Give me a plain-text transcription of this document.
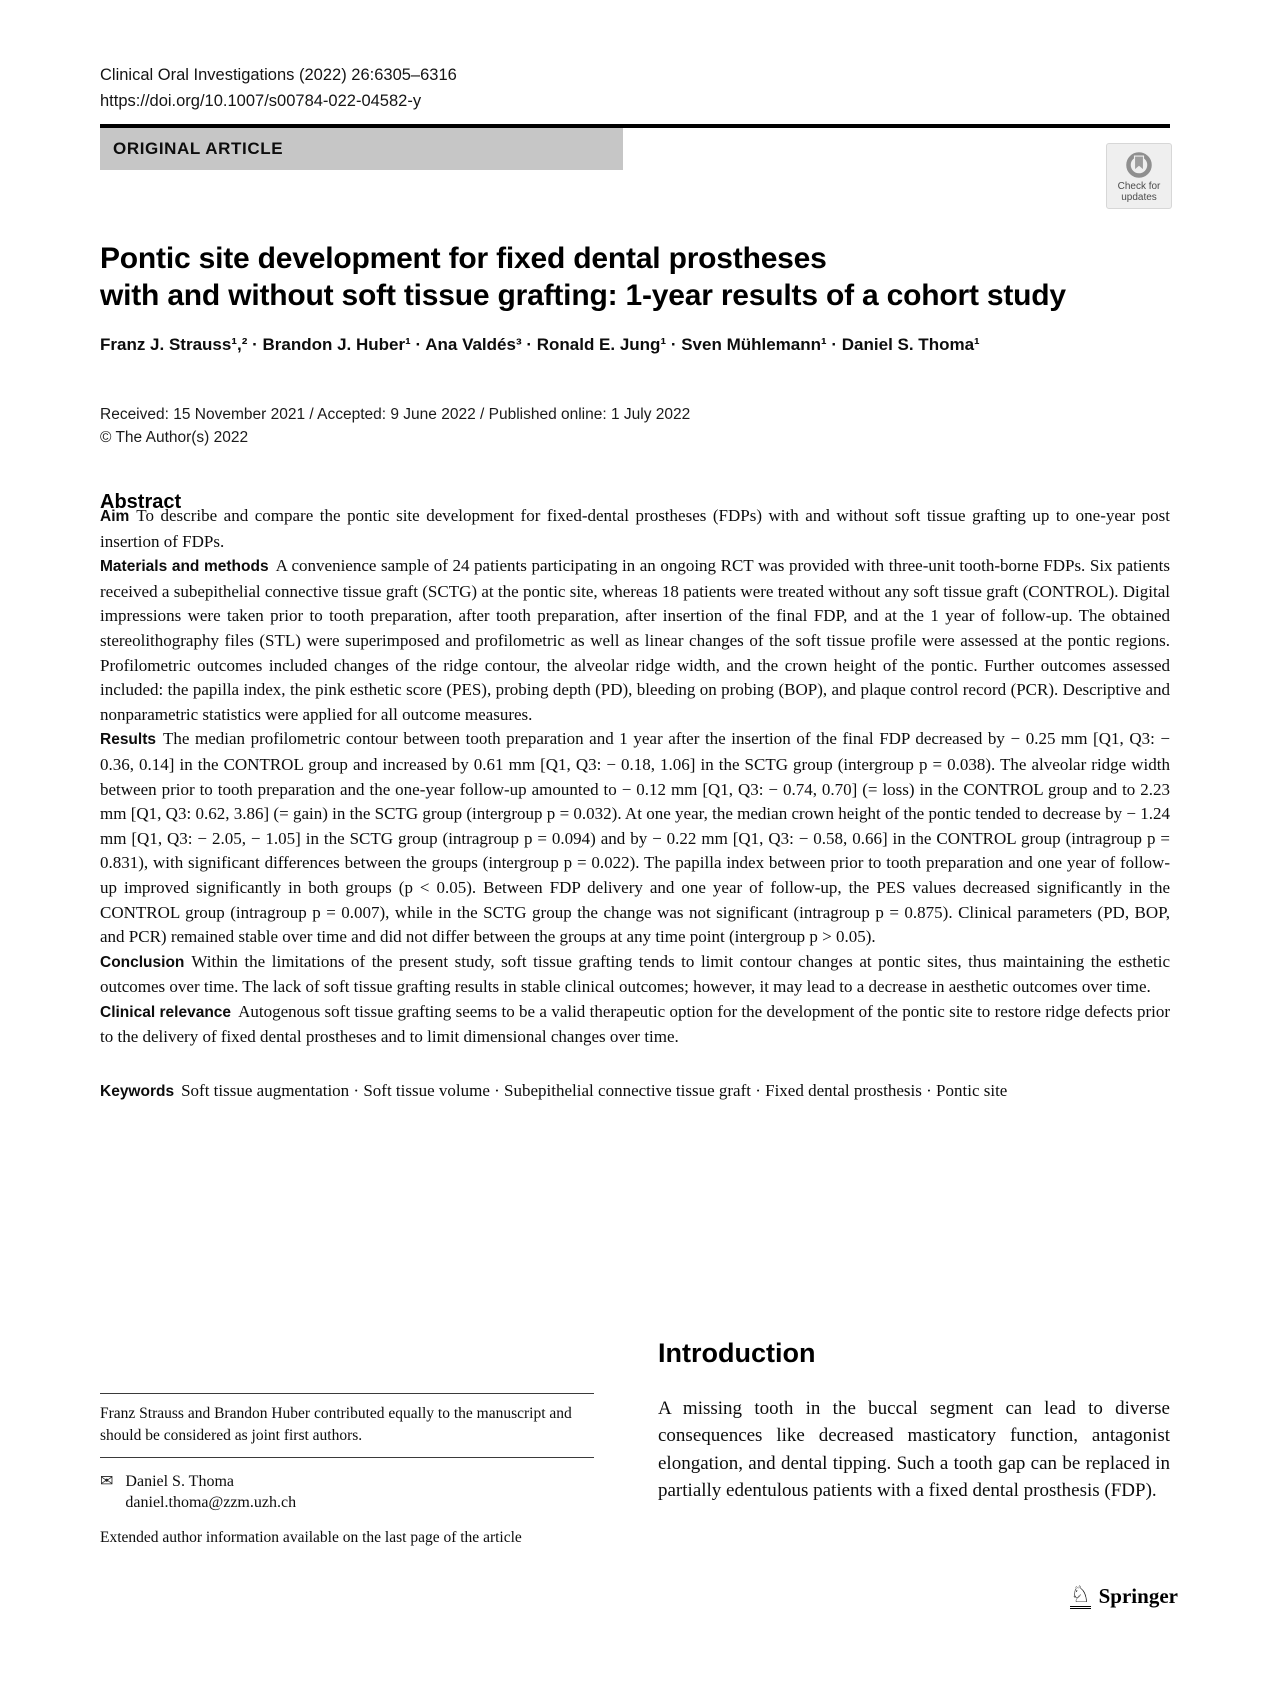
Clinical Oral Investigations (2022) 26:6305–6316
https://doi.org/10.1007/s00784-022-04582-y
ORIGINAL ARTICLE
Check for
updates
Pontic site development for fixed dental prostheses
with and without soft tissue grafting: 1-year results of a cohort study
Franz J. Strauss¹,² · Brandon J. Huber¹ · Ana Valdés³ · Ronald E. Jung¹ · Sven Mühlemann¹ · Daniel S. Thoma¹
Received: 15 November 2021 / Accepted: 9 June 2022 / Published online: 1 July 2022
© The Author(s) 2022
Abstract

Aim To describe and compare the pontic site development for fixed-dental prostheses (FDPs) with and without soft tissue grafting up to one-year post insertion of FDPs.

Materials and methods A convenience sample of 24 patients participating in an ongoing RCT was provided with three-unit tooth-borne FDPs. Six patients received a subepithelial connective tissue graft (SCTG) at the pontic site, whereas 18 patients were treated without any soft tissue graft (CONTROL). Digital impressions were taken prior to tooth preparation, after tooth preparation, after insertion of the final FDP, and at the 1 year of follow-up. The obtained stereolithography files (STL) were superimposed and profilometric as well as linear changes of the soft tissue profile were assessed at the pontic regions. Profilometric outcomes included changes of the ridge contour, the alveolar ridge width, and the crown height of the pontic. Further outcomes assessed included: the papilla index, the pink esthetic score (PES), probing depth (PD), bleeding on probing (BOP), and plaque control record (PCR). Descriptive and nonparametric statistics were applied for all outcome measures.

Results The median profilometric contour between tooth preparation and 1 year after the insertion of the final FDP decreased by − 0.25 mm [Q1, Q3: − 0.36, 0.14] in the CONTROL group and increased by 0.61 mm [Q1, Q3: − 0.18, 1.06] in the SCTG group (intergroup p = 0.038). The alveolar ridge width between prior to tooth preparation and the one-year follow-up amounted to − 0.12 mm [Q1, Q3: − 0.74, 0.70] (= loss) in the CONTROL group and to 2.23 mm [Q1, Q3: 0.62, 3.86] (= gain) in the SCTG group (intergroup p = 0.032). At one year, the median crown height of the pontic tended to decrease by − 1.24 mm [Q1, Q3: − 2.05, − 1.05] in the SCTG group (intragroup p = 0.094) and by − 0.22 mm [Q1, Q3: − 0.58, 0.66] in the CONTROL group (intragroup p = 0.831), with significant differences between the groups (intergroup p = 0.022). The papilla index between prior to tooth preparation and one year of follow-up improved significantly in both groups (p < 0.05). Between FDP delivery and one year of follow-up, the PES values decreased significantly in the CONTROL group (intragroup p = 0.007), while in the SCTG group the change was not significant (intragroup p = 0.875). Clinical parameters (PD, BOP, and PCR) remained stable over time and did not differ between the groups at any time point (intergroup p > 0.05).

Conclusion Within the limitations of the present study, soft tissue grafting tends to limit contour changes at pontic sites, thus maintaining the esthetic outcomes over time. The lack of soft tissue grafting results in stable clinical outcomes; however, it may lead to a decrease in aesthetic outcomes over time.

Clinical relevance Autogenous soft tissue grafting seems to be a valid therapeutic option for the development of the pontic site to restore ridge defects prior to the delivery of fixed dental prostheses and to limit dimensional changes over time.

Keywords Soft tissue augmentation · Soft tissue volume · Subepithelial connective tissue graft · Fixed dental prosthesis · Pontic site

Franz Strauss and Brandon Huber contributed equally to the manuscript and should be considered as joint first authors.

✉ Daniel S. Thoma
daniel.thoma@zzm.uzh.ch

Extended author information available on the last page of the article

Introduction

A missing tooth in the buccal segment can lead to diverse consequences like decreased masticatory function, antagonist elongation, and dental tipping. Such a tooth gap can be replaced in partially edentulous patients with a fixed dental prosthesis (FDP).

♘ Springer
